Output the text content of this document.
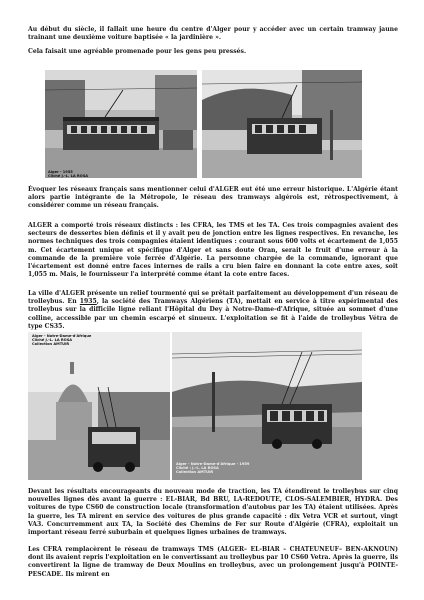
Au début du siècle, il fallait une heure du centre d'Alger pour y accéder avec un certain tramway jaune trainant une deuxième voiture baptisée « la jardinière ».

Cela faisait une agréable promenade pour les gens peu pressés.

Alger - 1955
Cliché J.-L. LA ROSA

Évoquer les réseaux français sans mentionner celui d'ALGER eut été une erreur historique. L'Algérie étant alors partie intégrante de la Métropole, le réseau des tramways algérois est, rétrospectivement, à considérer comme un réseau français.

ALGER a comporté trois réseaux distincts : les CFRA, les TMS et les TA. Ces trois compagnies avaient des secteurs de dessertes bien définis et il y avait peu de jonction entre les lignes respectives. En revanche, les normes techniques des trois compagnies étaient identiques : courant sous 600 volts et écartement de 1,055 m. Cet écartement unique et spécifique d'Alger et sans doute Oran, serait le fruit d'une erreur à la commande de la première voie ferrée d'Algérie. La personne chargée de la commande, ignorant que l'écartement est donné entre faces internes de rails a cru bien faire en donnant la cote entre axes, soit 1,055 m. Mais, le fournisseur l'a interprété comme étant la cote entre faces.

La ville d'ALGER présente un relief tourmenté qui se prêtait parfaitement au développement d'un réseau de trolleybus. En 1935, la société des Tramways Algériens (TA), mettait en service à titre expérimental des trolleybus sur la difficile ligne reliant l'Hôpital du Dey à Notre-Dame-d'Afrique, située au sommet d'une colline, accessible par un chemin escarpé et sinueux. L'exploitation se fit à l'aide de trolleybus Vétra de type CS35.

Alger - Notre-Dame-d'Afrique
Cliché J.-L. LA ROSA
Collection AMTUIR
Alger - Notre-Dame-d'Afrique - 1959
Cliché : J.-L. LA ROSA
Collection AMTUIR

Devant les résultats encourageants du nouveau mode de traction, les TA étendirent le trolleybus sur cinq nouvelles lignes dès avant la guerre : EL-BIAR, Bd BRU, LA-REDOUTE, CLOS-SALEMBIER, HYDRA. Des voitures de type CS60 de construction locale (transformation d'autobus par les TA) étaient utilisées. Après la guerre, les TA mirent en service des voitures de plus grande capacité : dix Vetra VCR et surtout, vingt VA3. Concurremment aux TA, la Société des Chemins de Fer sur Route d'Algérie (CFRA), exploitait un important réseau ferré suburbain et quelques lignes urbaines de tramways.

Les CFRA remplacèrent le réseau de tramways TMS (ALGER– EL-BIAR – CHATEUNEUF– BEN-AKNOUN) dont ils avaient repris l'exploitation en le convertissant au trolleybus par 10 CS60 Vetra. Après la guerre, ils convertirent la ligne de tramway de Deux Moulins en trolleybus, avec un prolongement jusqu'à POINTE-PESCADE. Ils mirent en
